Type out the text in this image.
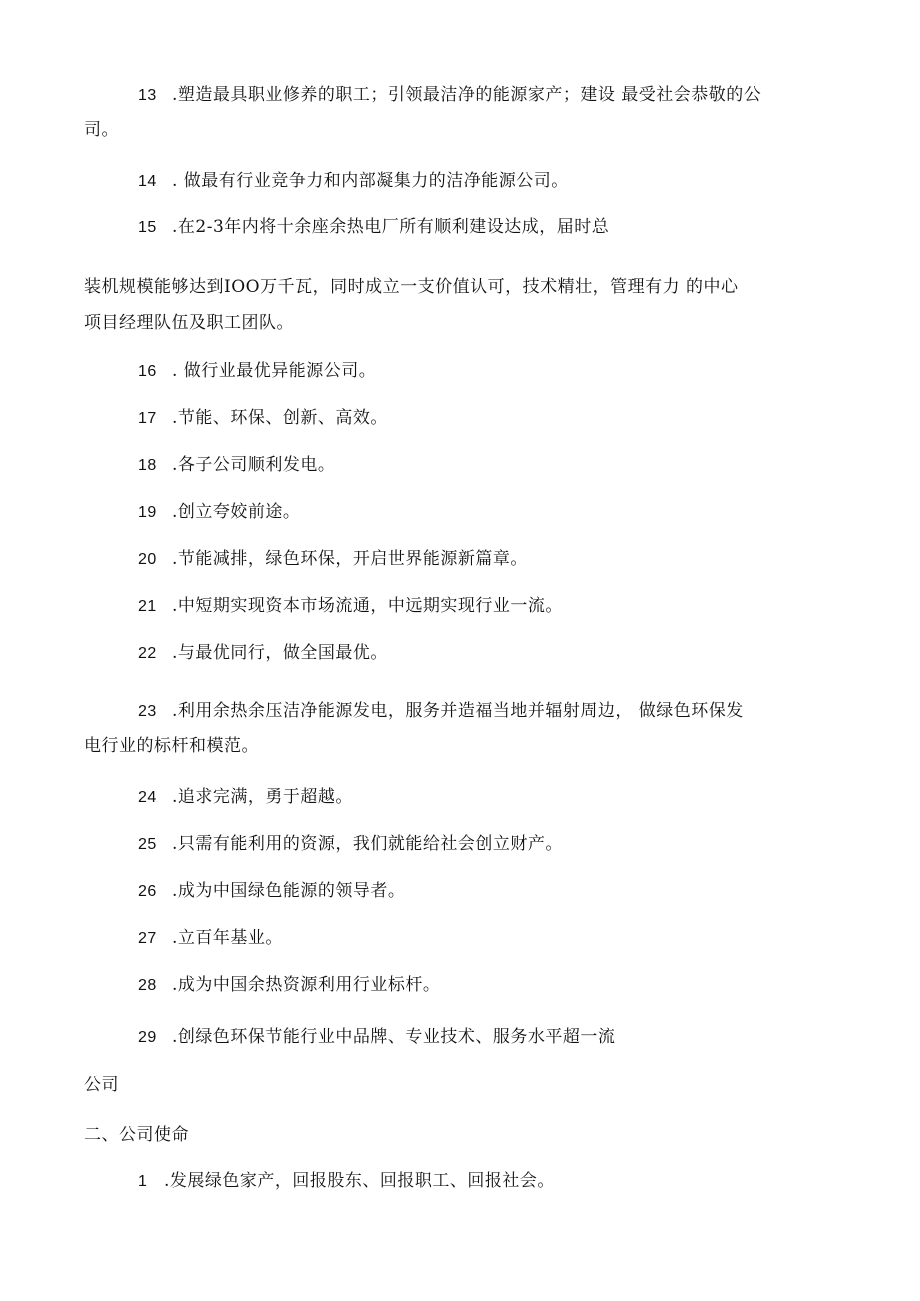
13 .塑造最具职业修养的职工；引领最洁净的能源家产；建设 最受社会恭敬的公
司。
14 . 做最有行业竞争力和内部凝集力的洁净能源公司。
15 .在2-3年内将十余座余热电厂所有顺利建设达成，届时总
装机规模能够达到IOO万千瓦，同时成立一支价值认可，技术精壮，管理有力 的中心
项目经理队伍及职工团队。
16 . 做行业最优异能源公司。
17 .节能、环保、创新、高效。
18 .各子公司顺利发电。
19 .创立夸姣前途。
20 .节能减排，绿色环保，开启世界能源新篇章。
21 .中短期实现资本市场流通，中远期实现行业一流。
22 .与最优同行，做全国最优。
23 .利用余热余压洁净能源发电，服务并造福当地并辐射周边， 做绿色环保发
电行业的标杆和模范。
24 .追求完满，勇于超越。
25 .只需有能利用的资源，我们就能给社会创立财产。
26 .成为中国绿色能源的领导者。
27 .立百年基业。
28 .成为中国余热资源利用行业标杆。
29 .创绿色环保节能行业中品牌、专业技术、服务水平超一流
公司
二、公司使命
1 .发展绿色家产，回报股东、回报职工、回报社会。
